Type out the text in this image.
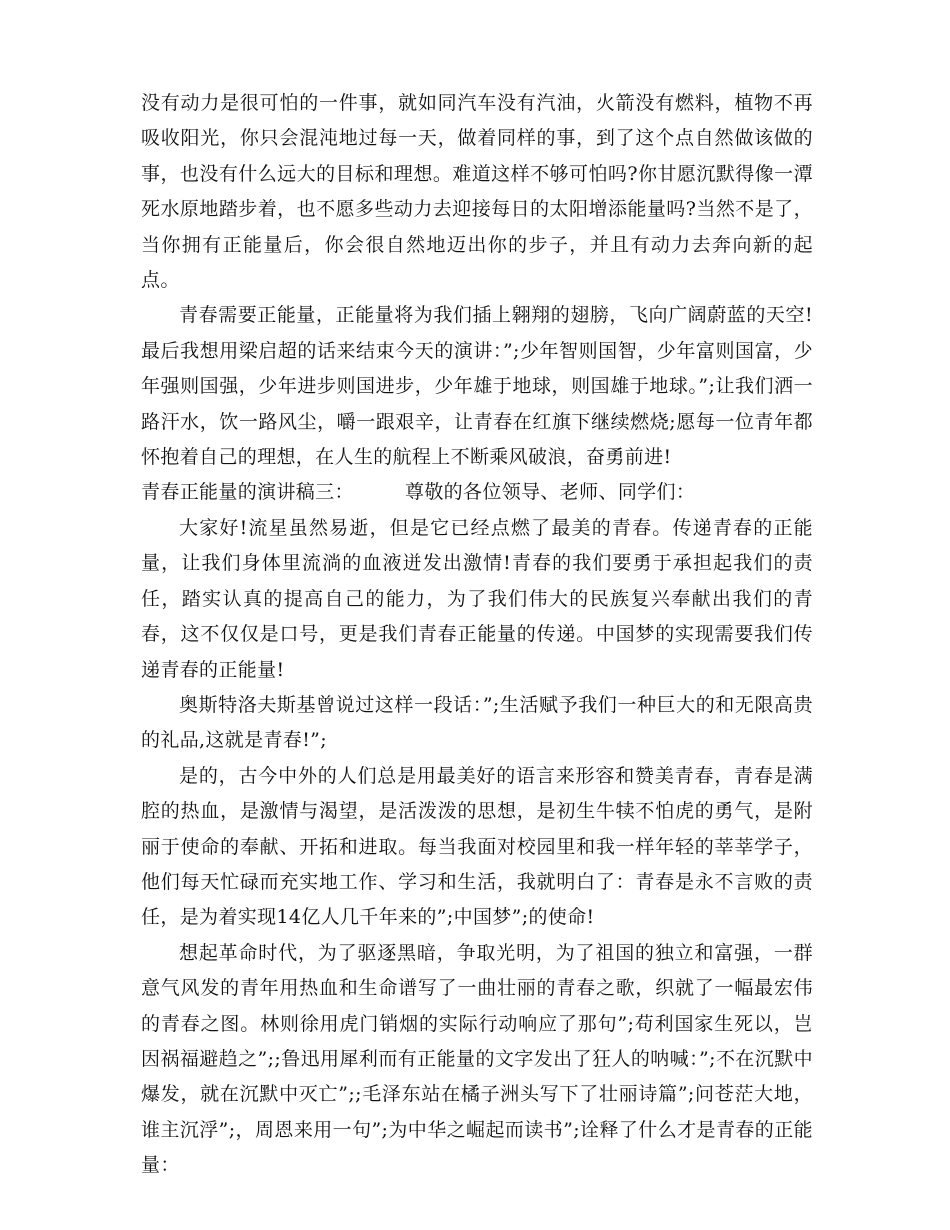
没有动力是很可怕的一件事，就如同汽车没有汽油，火箭没有燃料，植物不再吸收阳光，你只会混沌地过每一天，做着同样的事，到了这个点自然做该做的事，也没有什么远大的目标和理想。难道这样不够可怕吗?你甘愿沉默得像一潭死水原地踏步着，也不愿多些动力去迎接每日的太阳增添能量吗?当然不是了，当你拥有正能量后，你会很自然地迈出你的步子，并且有动力去奔向新的起点。

青春需要正能量，正能量将为我们插上翱翔的翅膀，飞向广阔蔚蓝的天空!最后我想用梁启超的话来结束今天的演讲：”;少年智则国智，少年富则国富，少年强则国强，少年进步则国进步，少年雄于地球，则国雄于地球。”;让我们洒一路汗水，饮一路风尘，嚼一跟艰辛，让青春在红旗下继续燃烧;愿每一位青年都怀抱着自己的理想，在人生的航程上不断乘风破浪，奋勇前进!

青春正能量的演讲稿三：        尊敬的各位领导、老师、同学们：

大家好!流星虽然易逝，但是它已经点燃了最美的青春。传递青春的正能量，让我们身体里流淌的血液迸发出激情!青春的我们要勇于承担起我们的责任，踏实认真的提高自己的能力，为了我们伟大的民族复兴奉献出我们的青春，这不仅仅是口号，更是我们青春正能量的传递。中国梦的实现需要我们传递青春的正能量!

奥斯特洛夫斯基曾说过这样一段话：”;生活赋予我们一种巨大的和无限高贵的礼品,这就是青春!”;

是的，古今中外的人们总是用最美好的语言来形容和赞美青春，青春是满腔的热血，是激情与渴望，是活泼泼的思想，是初生牛犊不怕虎的勇气，是附丽于使命的奉献、开拓和进取。每当我面对校园里和我一样年轻的莘莘学子，他们每天忙碌而充实地工作、学习和生活，我就明白了：青春是永不言败的责任，是为着实现14亿人几千年来的”;中国梦”;的使命!

想起革命时代，为了驱逐黑暗，争取光明，为了祖国的独立和富强，一群意气风发的青年用热血和生命谱写了一曲壮丽的青春之歌，织就了一幅最宏伟的青春之图。林则徐用虎门销烟的实际行动响应了那句”;苟利国家生死以，岂因祸福避趋之”;;鲁迅用犀利而有正能量的文字发出了狂人的呐喊：”;不在沉默中爆发，就在沉默中灭亡”;;毛泽东站在橘子洲头写下了壮丽诗篇”;问苍茫大地，谁主沉浮”;，周恩来用一句”;为中华之崛起而读书”;诠释了什么才是青春的正能量：
